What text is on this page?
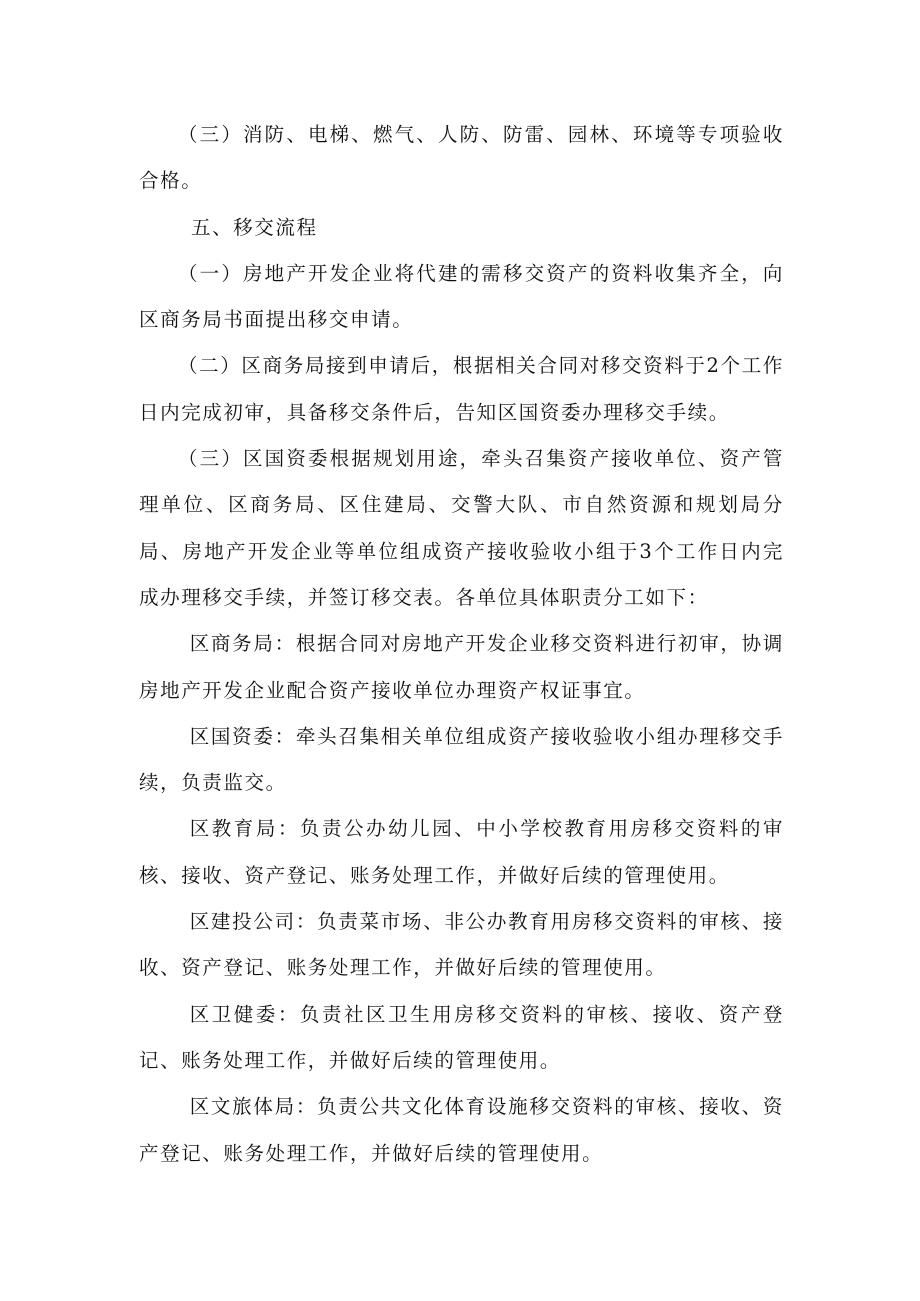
（三）消防、电梯、燃气、人防、防雷、园林、环境等专项验收合格。

五、移交流程

（一）房地产开发企业将代建的需移交资产的资料收集齐全，向区商务局书面提出移交申请。

（二）区商务局接到申请后，根据相关合同对移交资料于2个工作日内完成初审，具备移交条件后，告知区国资委办理移交手续。

（三）区国资委根据规划用途，牵头召集资产接收单位、资产管理单位、区商务局、区住建局、交警大队、市自然资源和规划局分局、房地产开发企业等单位组成资产接收验收小组于3个工作日内完成办理移交手续，并签订移交表。各单位具体职责分工如下：

区商务局：根据合同对房地产开发企业移交资料进行初审，协调房地产开发企业配合资产接收单位办理资产权证事宜。

区国资委：牵头召集相关单位组成资产接收验收小组办理移交手续，负责监交。

区教育局：负责公办幼儿园、中小学校教育用房移交资料的审核、接收、资产登记、账务处理工作，并做好后续的管理使用。

区建投公司：负责菜市场、非公办教育用房移交资料的审核、接收、资产登记、账务处理工作，并做好后续的管理使用。

区卫健委：负责社区卫生用房移交资料的审核、接收、资产登记、账务处理工作，并做好后续的管理使用。

区文旅体局：负责公共文化体育设施移交资料的审核、接收、资产登记、账务处理工作，并做好后续的管理使用。
